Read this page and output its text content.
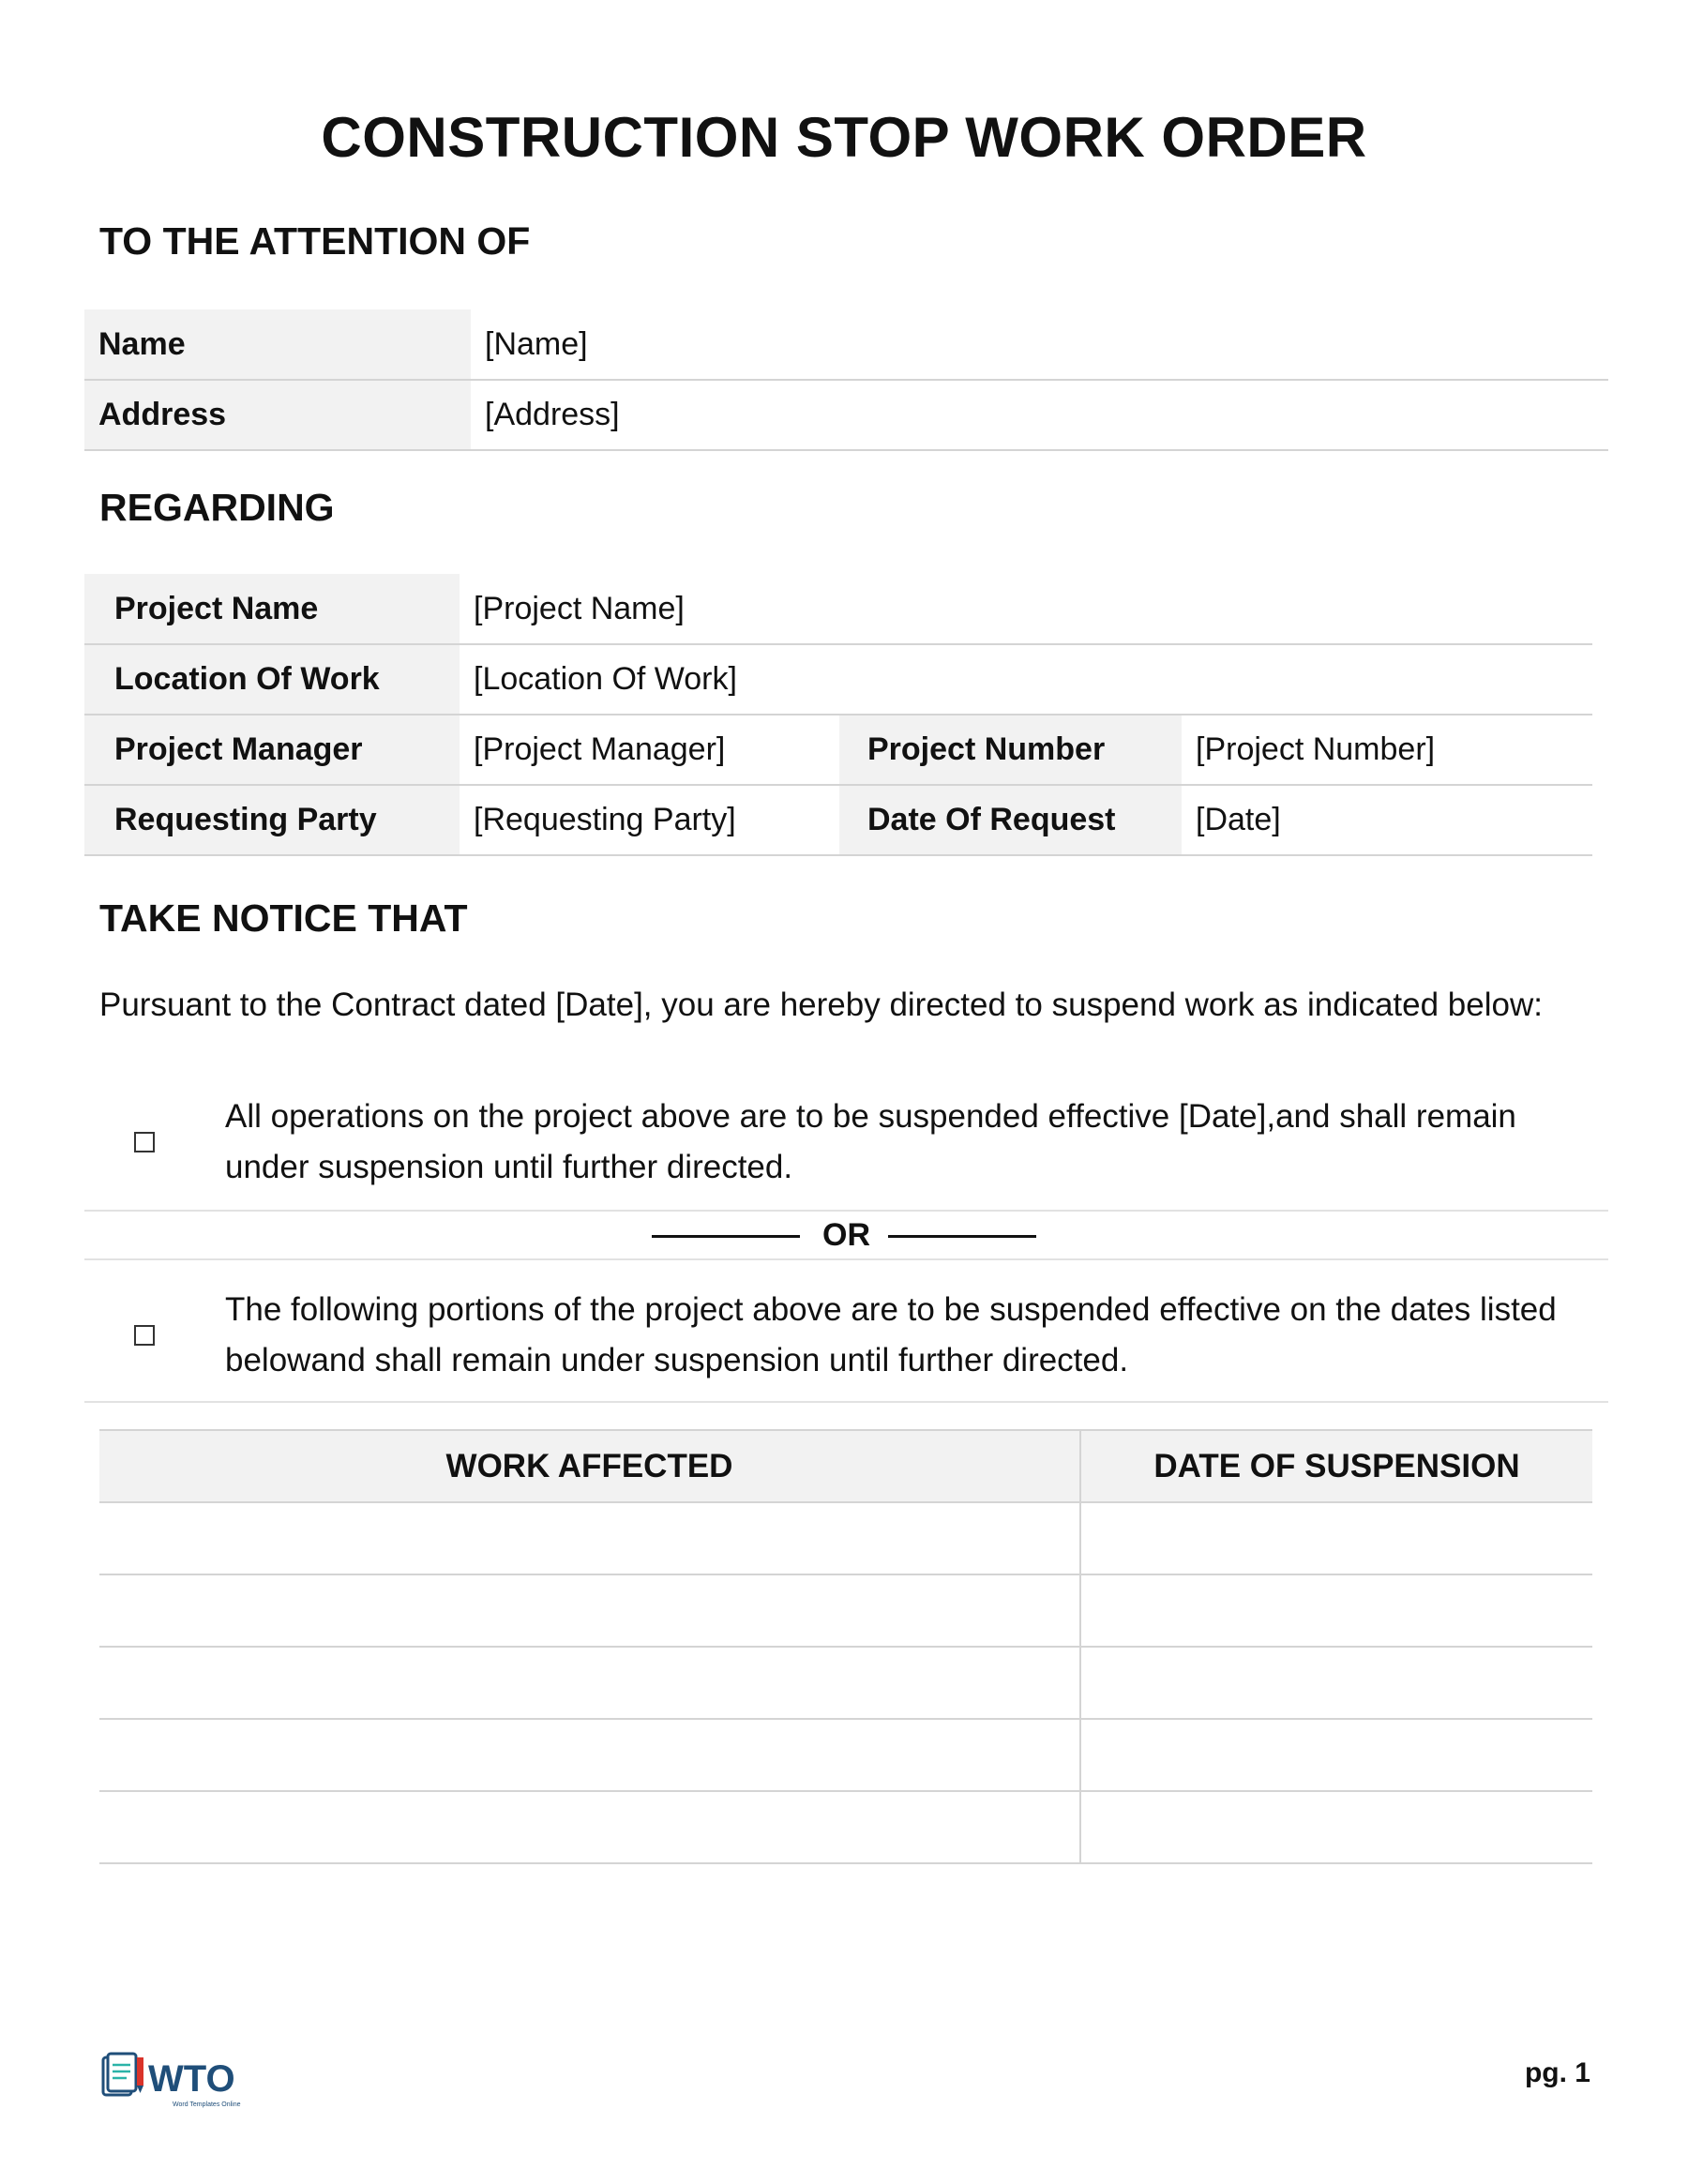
CONSTRUCTION STOP WORK ORDER
TO THE ATTENTION OF
Name	[Name]
Address	[Address]
REGARDING
Project Name	[Project Name]		
Location Of Work	[Location Of Work]		
Project Manager	[Project Manager]	Project Number	[Project Number]
Requesting Party	[Requesting Party]	Date Of Request	[Date]
TAKE NOTICE THAT
Pursuant to the Contract dated [Date], you are hereby directed to suspend work as indicated below:
All operations on the project above are to be suspended effective [Date],and shall remain under suspension until further directed.
OR
The following portions of the project above are to be suspended effective on the dates listed belowand shall remain under suspension until further directed.
WORK AFFECTED	DATE OF SUSPENSION

WTO
Word Templates Online
pg. 1
